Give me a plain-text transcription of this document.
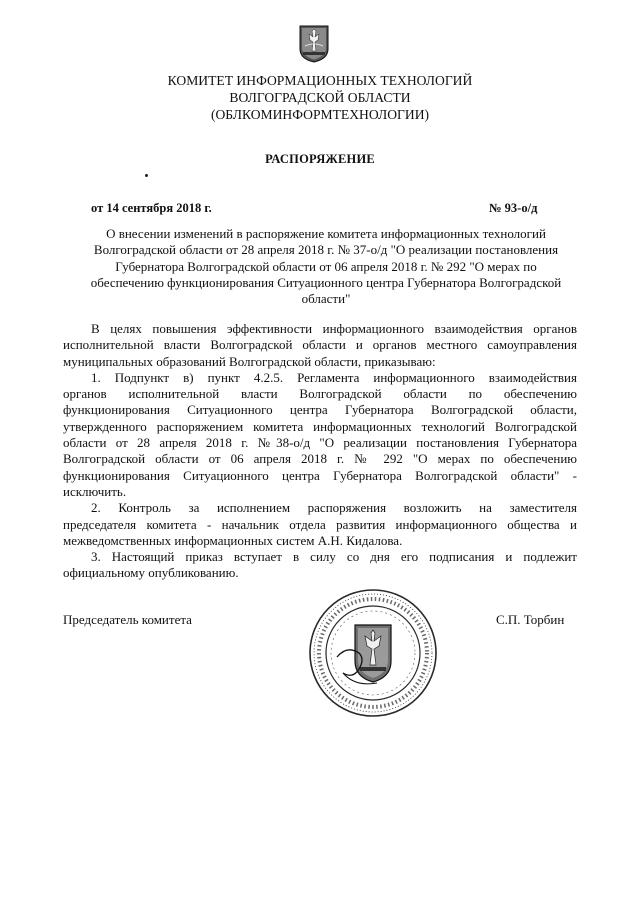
КОМИТЕТ ИНФОРМАЦИОННЫХ ТЕХНОЛОГИЙ
ВОЛГОГРАДСКОЙ ОБЛАСТИ
(ОБЛКОМИНФОРМТЕХНОЛОГИИ)
РАСПОРЯЖЕНИЕ
от 14 сентября 2018 г.	№ 93-о/д
О внесении изменений в распоряжение комитета информационных технологий
Волгоградской области от 28 апреля 2018 г. № 37-о/д "О реализации постановления
Губернатора Волгоградской области от 06 апреля 2018 г. № 292 "О мерах по
обеспечению функционирования Ситуационного центра Губернатора Волгоградской
области"
В целях повышения эффективности информационного взаимодействия органов
исполнительной власти Волгоградской области и органов местного самоуправления
муниципальных образований Волгоградской области, приказываю:
1. Подпункт в) пункт 4.2.5. Регламента информационного взаимодействия
органов исполнительной власти Волгоградской области по обеспечению
функционирования Ситуационного центра Губернатора Волгоградской области,
утвержденного распоряжением комитета информационных технологий Волгоградской
области от 28 апреля 2018 г. №38-о/д "О реализации постановления Губернатора
Волгоградской области от 06 апреля 2018 г. № 292 "О мерах по обеспечению
функционирования Ситуационного центра Губернатора Волгоградской области" -
исключить.
2. Контроль за исполнением распоряжения возложить на заместителя
председателя комитета - начальник отдела развития информационного общества и
межведомственных информационных систем А.Н. Кидалова.
3. Настоящий приказ вступает в силу со дня его подписания и подлежит
официальному опубликованию.
Председатель комитета	С.П. Торбин
